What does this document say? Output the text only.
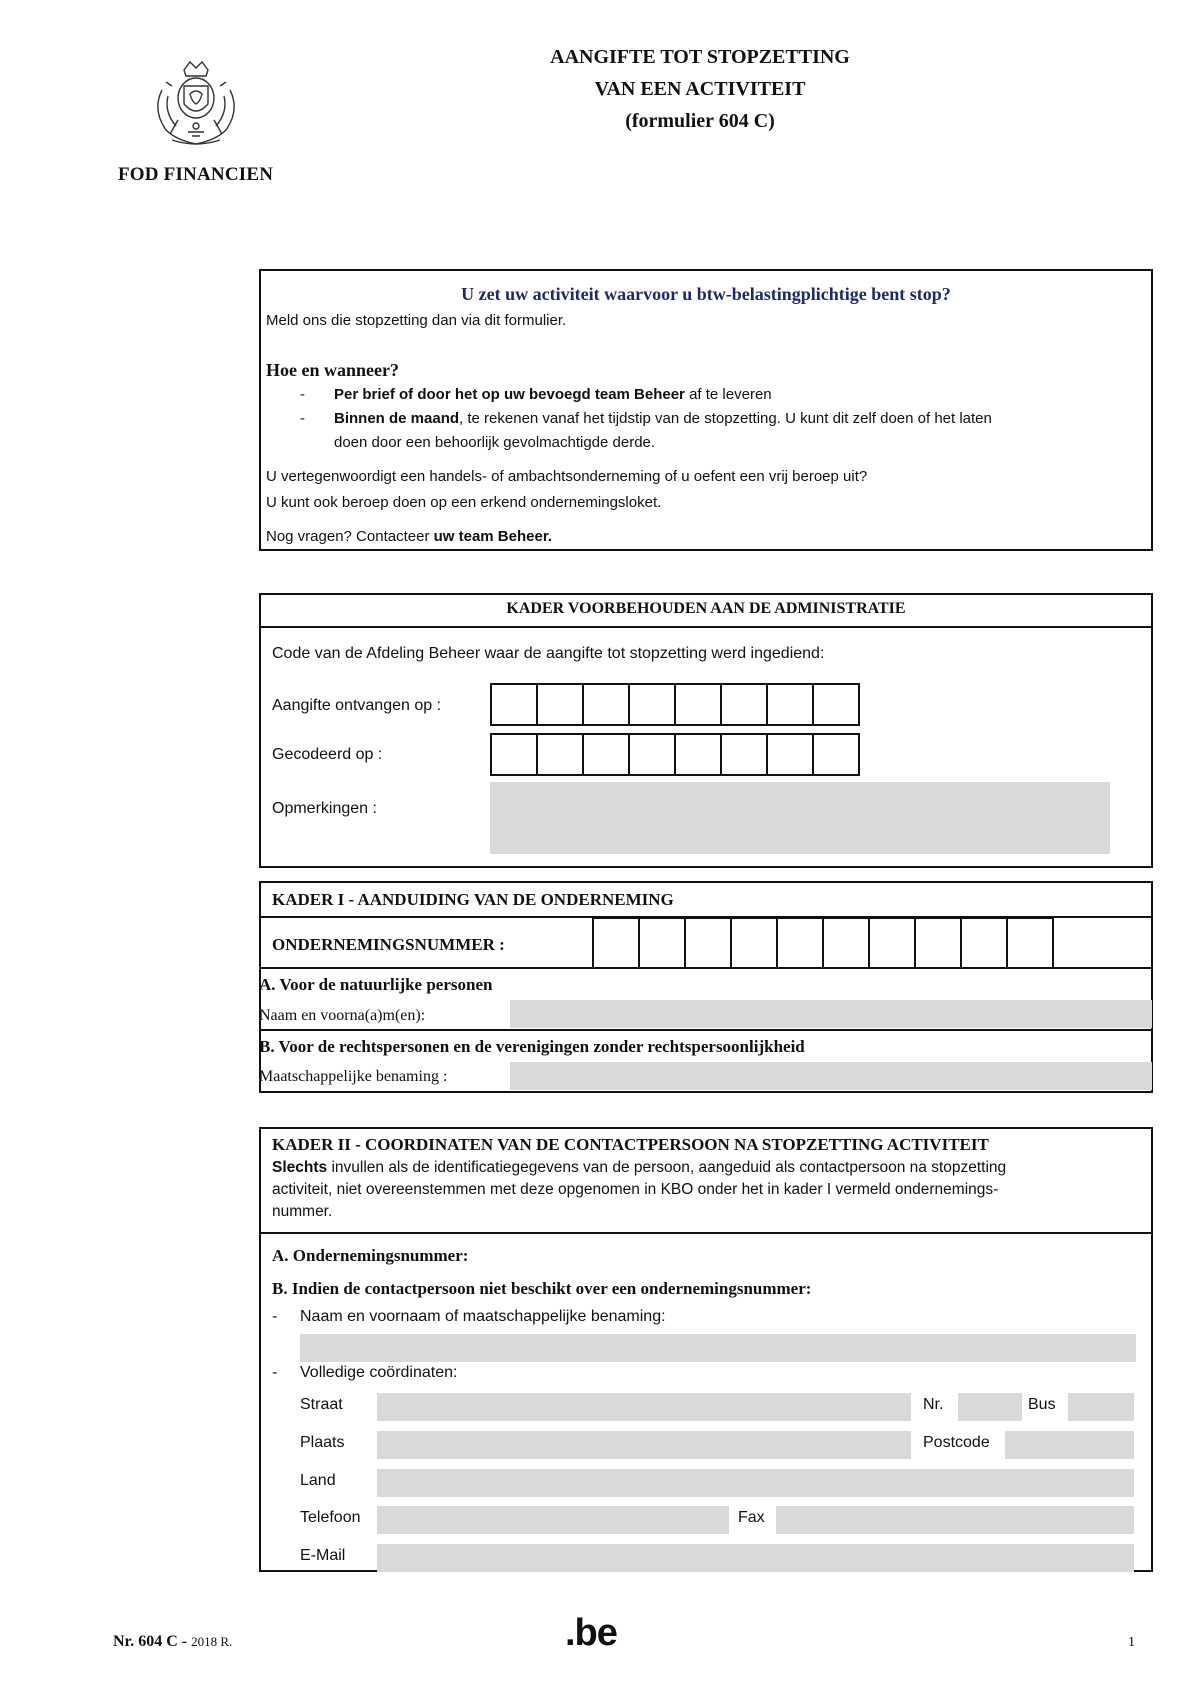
FOD FINANCIEN
AANGIFTE TOT STOPZETTING
VAN EEN ACTIVITEIT
(formulier 604 C)
U zet uw activiteit waarvoor u btw-belastingplichtige bent stop?
Meld ons die stopzetting dan via dit formulier.
Hoe en wanneer?
- Per brief of door het op uw bevoegd team Beheer af te leveren
- Binnen de maand, te rekenen vanaf het tijdstip van de stopzetting. U kunt dit zelf doen of het laten
doen door een behoorlijk gevolmachtigde derde.
U vertegenwoordigt een handels- of ambachtsonderneming of u oefent een vrij beroep uit?
U kunt ook beroep doen op een erkend ondernemingsloket.
Nog vragen? Contacteer uw team Beheer.
KADER VOORBEHOUDEN AAN DE ADMINISTRATIE
Code van de Afdeling Beheer waar de aangifte tot stopzetting werd ingediend:
Aangifte ontvangen op :
Gecodeerd op :
Opmerkingen :
KADER I - AANDUIDING VAN DE ONDERNEMING
ONDERNEMINGSNUMMER :
A. Voor de natuurlijke personen
Naam en voorna(a)m(en):
B. Voor de rechtspersonen en de verenigingen zonder rechtspersoonlijkheid
Maatschappelijke benaming :
KADER II - COORDINATEN VAN DE CONTACTPERSOON NA STOPZETTING ACTIVITEIT
Slechts invullen als de identificatiegegevens van de persoon, aangeduid als contactpersoon na stopzetting
activiteit, niet overeenstemmen met deze opgenomen in KBO onder het in kader I vermeld ondernemings-
nummer.
A. Ondernemingsnummer:
B. Indien de contactpersoon niet beschikt over een ondernemingsnummer:
- Naam en voornaam of maatschappelijke benaming:
- Volledige coördinaten:
Straat	Nr.	Bus
Plaats	Postcode
Land
Telefoon	Fax
E-Mail
Nr. 604 C - 2018 R.	.be	1
